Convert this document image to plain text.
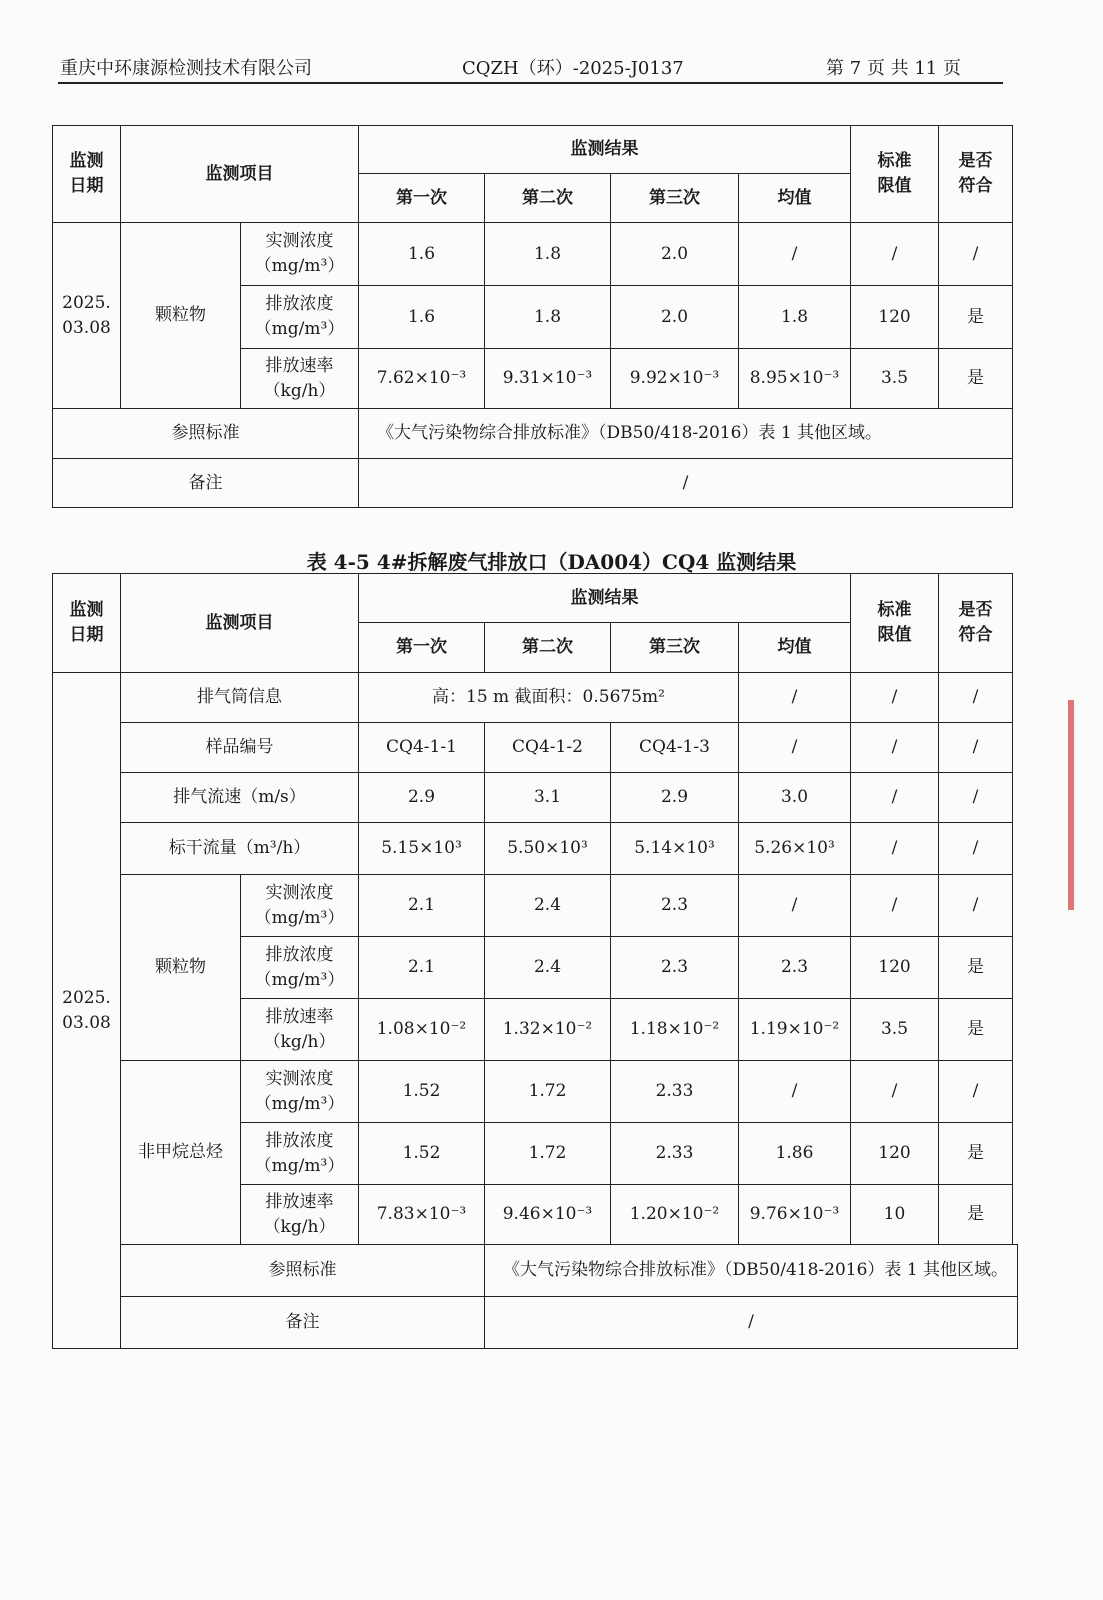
重庆中环康源检测技术有限公司	CQZH（环）-2025-J0137	第 7 页 共 11 页
监测
日期	监测项目		监测结果				标准
限值	是否
符合
			第一次	第二次	第三次	均值		
2025.
03.08	颗粒物	实测浓度
（mg/m³）	1.6	1.8	2.0	/	/	/
		排放浓度
（mg/m³）	1.6	1.8	2.0	1.8	120	是
		排放速率
（kg/h）	7.62×10⁻³	9.31×10⁻³	9.92×10⁻³	8.95×10⁻³	3.5	是
参照标准			《大气污染物综合排放标准》（DB50/418-2016）表 1 其他区域。					
备注			/					
表 4-5 4#拆解废气排放口（DA004）CQ4 监测结果
监测
日期	监测项目		监测结果				标准
限值	是否
符合
			第一次	第二次	第三次	均值		
2025.
03.08	排气筒信息		高：15 m 截面积：0.5675m²			/	/	/
	样品编号		CQ4-1-1	CQ4-1-2	CQ4-1-3	/	/	/
	排气流速（m/s）		2.9	3.1	2.9	3.0	/	/
	标干流量（m³/h）		5.15×10³	5.50×10³	5.14×10³	5.26×10³	/	/
	颗粒物	实测浓度
（mg/m³）	2.1	2.4	2.3	/	/	/
		排放浓度
（mg/m³）	2.1	2.4	2.3	2.3	120	是
		排放速率
（kg/h）	1.08×10⁻²	1.32×10⁻²	1.18×10⁻²	1.19×10⁻²	3.5	是
	非甲烷总烃	实测浓度
（mg/m³）	1.52	1.72	2.33	/	/	/
		排放浓度
（mg/m³）	1.52	1.72	2.33	1.86	120	是
		排放速率
（kg/h）	7.83×10⁻³	9.46×10⁻³	1.20×10⁻²	9.76×10⁻³	10	是
	参照标准			《大气污染物综合排放标准》（DB50/418-2016）表 1 其他区域。				
	备注			/				
